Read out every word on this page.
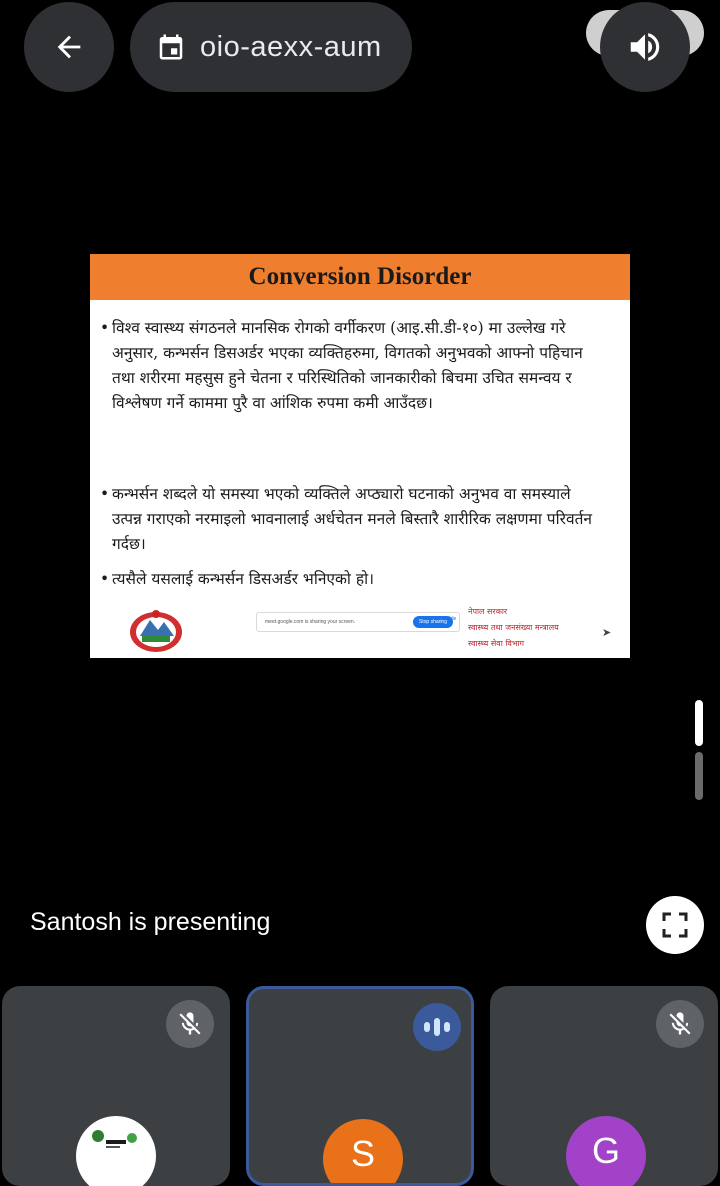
Conversion Disorder
• विश्व स्वास्थ्य संगठनले मानसिक रोगको वर्गीकरण (आइ.सी.डी-१०) मा उल्लेख गरे अनुसार, कन्भर्सन डिसअर्डर भएका व्यक्तिहरुमा, विगतको अनुभवको आफ्नो पहिचान तथा शरीरमा महसुस हुने चेतना र परिस्थितिको जानकारीको बिचमा उचित समन्वय र विश्लेषण गर्ने काममा पुरै वा आंशिक रुपमा कमी आउँदछ।
• कन्भर्सन शब्दले यो समस्या भएको व्यक्तिले अप्ठ्यारो घटनाको अनुभव वा समस्याले उत्पन्न गराएको नरमाइलो भावनालाई अर्धचेतन मनले बिस्तारै शारीरिक लक्षणमा परिवर्तन गर्दछ।
• त्यसैले यसलाई कन्भर्सन डिसअर्डर भनिएको हो।
meet.google.com is sharing your screen.	Stop sharing Hide
नेपाल सरकार
स्वास्थ्य तथा जनसंख्या मन्त्रालय
स्वास्थ्य सेवा विभाग
➤
Santosh is presenting
oio-aexx-aum
S	G
